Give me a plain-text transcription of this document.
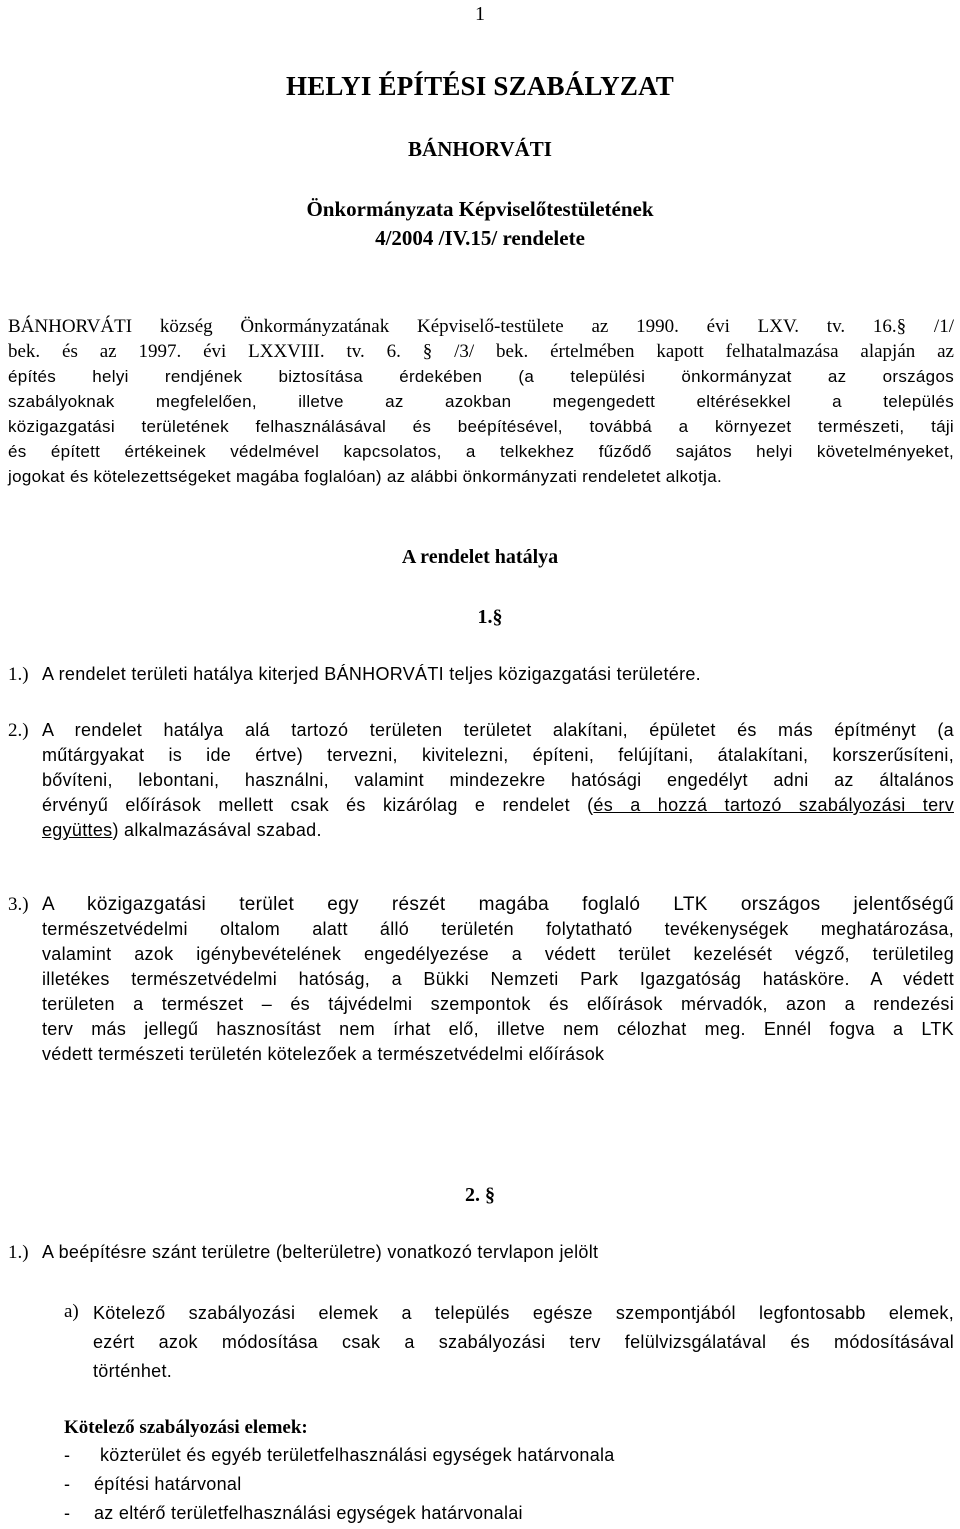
1
HELYI ÉPÍTÉSI SZABÁLYZAT
BÁNHORVÁTI
Önkormányzata Képviselőtestületének
4/2004 /IV.15/ rendelete
BÁNHORVÁTI község Önkormányzatának Képviselő-testülete az 1990. évi LXV. tv. 16.§ /1/
bek. és az 1997. évi LXXVIII. tv. 6. § /3/ bek. értelmében kapott felhatalmazása alapján az
építés helyi rendjének biztosítása érdekében (a települési önkormányzat az országos
szabályoknak megfelelően, illetve az azokban megengedett eltérésekkel a település
közigazgatási területének felhasználásával és beépítésével, továbbá a környezet természeti, táji
és épített értékeinek védelmével kapcsolatos, a telkekhez fűződő sajátos helyi követelményeket,
jogokat és kötelezettségeket magába foglalóan) az alábbi önkormányzati rendeletet alkotja.
A rendelet hatálya
1.§
1.) A rendelet területi hatálya kiterjed BÁNHORVÁTI teljes közigazgatási területére.
2.) A rendelet hatálya alá tartozó területen területet alakítani, épületet és más építményt (a
műtárgyakat is ide értve) tervezni, kivitelezni, építeni, felújítani, átalakítani, korszerűsíteni,
bővíteni, lebontani, használni, valamint mindezekre hatósági engedélyt adni az általános
érvényű előírások mellett csak és kizárólag e rendelet (és a hozzá tartozó szabályozási terv
együttes) alkalmazásával szabad.
3.) A közigazgatási terület egy részét magába foglaló LTK országos jelentőségű
természetvédelmi oltalom alatt álló területén folytatható tevékenységek meghatározása,
valamint azok igénybevételének engedélyezése a védett terület kezelését végző, területileg
illetékes természetvédelmi hatóság, a Bükki Nemzeti Park Igazgatóság hatásköre. A védett
területen a természet – és tájvédelmi szempontok és előírások mérvadók, azon a rendezési
terv más jellegű hasznosítást nem írhat elő, illetve nem célozhat meg. Ennél fogva a LTK
védett természeti területén kötelezőek a természetvédelmi előírások
2. §
1.) A beépítésre szánt területre (belterületre) vonatkozó tervlapon jelölt
a) Kötelező szabályozási elemek a település egésze szempontjából legfontosabb elemek,
ezért azok módosítása csak a szabályozási terv felülvizsgálatával és módosításával
történhet.
Kötelező szabályozási elemek:
- közterület és egyéb területfelhasználási egységek határvonala
- építési határvonal
- az eltérő területfelhasználási egységek határvonalai
